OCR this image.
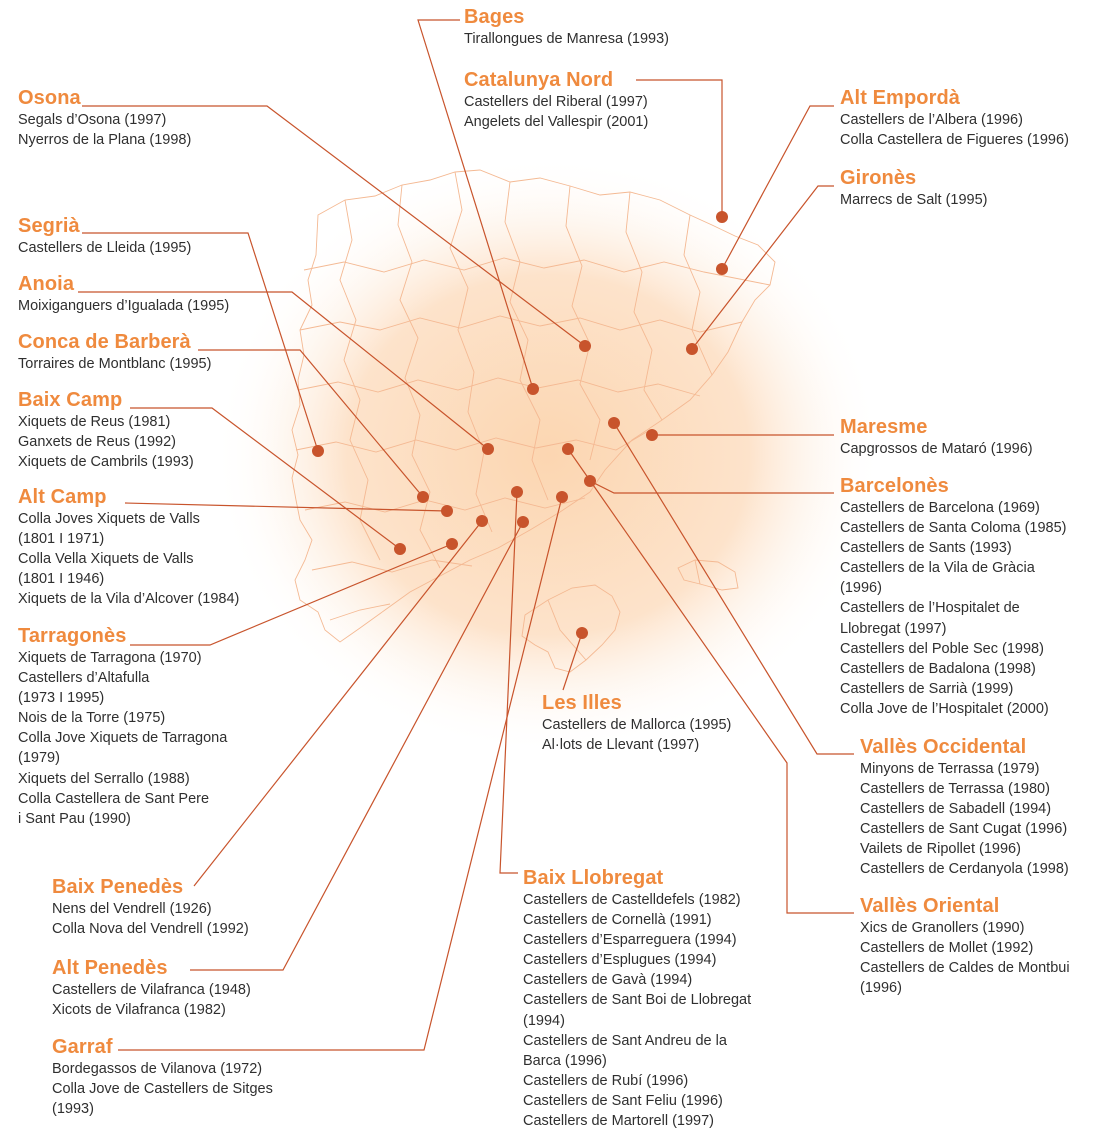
Bages
Tirallongues de Manresa (1993)
Catalunya Nord
Castellers del Riberal (1997)
Angelets del Vallespir (2001)
Osona
Segals d’Osona (1997)
Nyerros de la Plana (1998)
Alt Empordà
Castellers de l’Albera (1996)
Colla Castellera de Figueres (1996)
Gironès
Marrecs de Salt (1995)
Segrià
Castellers de Lleida (1995)
Anoia
Moixiganguers d’Igualada (1995)
Conca de Barberà
Torraires de Montblanc (1995)
Baix Camp
Xiquets de Reus (1981)
Ganxets de Reus (1992)
Xiquets de Cambrils (1993)
Maresme
Capgrossos de Mataró (1996)
Alt Camp
Colla Joves Xiquets de Valls
(1801 I 1971)
Colla Vella Xiquets de Valls
(1801 I 1946)
Xiquets de la Vila d’Alcover (1984)
Barcelonès
Castellers de Barcelona (1969)
Castellers de Santa Coloma (1985)
Castellers de Sants (1993)
Castellers de la Vila de Gràcia
(1996)
Castellers de l’Hospitalet de
Llobregat (1997)
Castellers del Poble Sec (1998)
Castellers de Badalona (1998)
Castellers de Sarrià (1999)
Colla Jove de l’Hospitalet (2000)
Tarragonès
Xiquets de Tarragona (1970)
Castellers d’Altafulla
(1973 I 1995)
Nois de la Torre (1975)
Colla Jove Xiquets de Tarragona
(1979)
Xiquets del Serrallo (1988)
Colla Castellera de Sant Pere
i Sant Pau (1990)
Les Illes
Castellers de Mallorca (1995)
Al·lots de Llevant (1997)	Vallès Occidental
Minyons de Terrassa (1979)
Castellers de Terrassa (1980)
Castellers de Sabadell (1994)
Castellers de Sant Cugat (1996)
Vailets de Ripollet (1996)
Castellers de Cerdanyola (1998)
Baix Penedès
Nens del Vendrell (1926)
Colla Nova del Vendrell (1992)
Baix Llobregat
Castellers de Castelldefels (1982)
Castellers de Cornellà (1991)
Castellers d’Esparreguera (1994)
Castellers d’Esplugues (1994)
Castellers de Gavà (1994)
Castellers de Sant Boi de Llobregat
(1994)
Castellers de Sant Andreu de la
Barca (1996)
Castellers de Rubí (1996)
Castellers de Sant Feliu (1996)
Castellers de Martorell (1997)
Vallès Oriental
Xics de Granollers (1990)
Castellers de Mollet (1992)
Castellers de Caldes de Montbui
(1996)
Alt Penedès
Castellers de Vilafranca (1948)
Xicots de Vilafranca (1982)
Garraf
Bordegassos de Vilanova (1972)
Colla Jove de Castellers de Sitges
(1993)
